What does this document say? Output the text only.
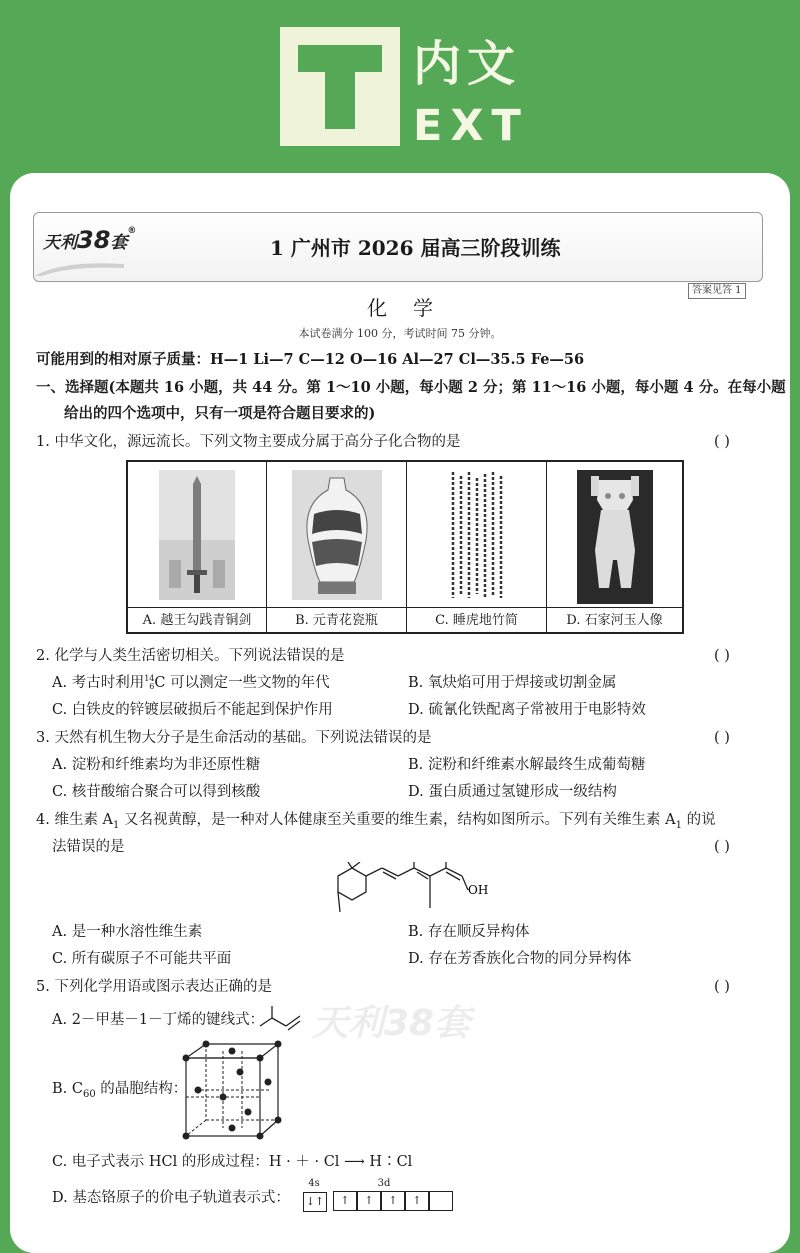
内文
EXT
天利38套®
1 广州市 2026 届高三阶段训练
答案见答 1
化学
本试卷满分 100 分，考试时间 75 分钟。
可能用到的相对原子质量：H—1 Li—7 C—12 O—16 Al—27 Cl—35.5 Fe—56
一、选择题(本题共 16 小题，共 44 分。第 1～10 小题，每小题 2 分；第 11～16 小题，每小题 4 分。在每小题
给出的四个选项中，只有一项是符合题目要求的)
1. 中华文化，源远流长。下列文物主要成分属于高分子化合物的是	( )
A. 越王勾践青铜剑	B. 元青花瓷瓶	C. 睡虎地竹简	D. 石家河玉人像
2. 化学与人类生活密切相关。下列说法错误的是	( )
A. 考古时利用14
6C 可以测定一些文物的年代	B. 氧炔焰可用于焊接或切割金属
C. 白铁皮的锌镀层破损后不能起到保护作用	D. 硫氰化铁配离子常被用于电影特效
3. 天然有机生物大分子是生命活动的基础。下列说法错误的是	( )
A. 淀粉和纤维素均为非还原性糖	B. 淀粉和纤维素水解最终生成葡萄糖
C. 核苷酸缩合聚合可以得到核酸	D. 蛋白质通过氢键形成一级结构
4. 维生素 $A_1$ 又名视黄醇，是一种对人体健康至关重要的维生素，结构如图所示。下列有关维生素 $A_1$ 的说
法错误的是	( )
OH
A. 是一种水溶性维生素	B. 存在顺反异构体
C. 所有碳原子不可能共平面	D. 存在芳香族化合物的同分异构体
5. 下列化学用语或图示表达正确的是	( )
天利38套
A. 2－甲基－1－丁烯的键线式：
B. $C_{60}$ 的晶胞结构：
C. 电子式表示 HCl 的形成过程：H · ＋ · Cl ⟶ H∶Cl
D. 基态铬原子的价电子轨道表示式：
4s	3d
↓↑	↑ ↑ ↑ ↑
